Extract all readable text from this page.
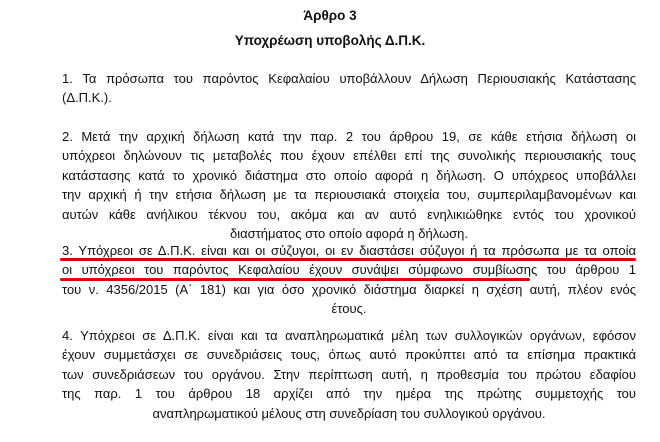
Άρθρο 3
Υποχρέωση υποβολής Δ.Π.Κ.
1. Τα πρόσωπα του παρόντος Κεφαλαίου υποβάλλουν Δήλωση Περιουσιακής Κατάστασης
(Δ.Π.Κ.).
2. Μετά την αρχική δήλωση κατά την παρ. 2 του άρθρου 19, σε κάθε ετήσια δήλωση οι
υπόχρεοι δηλώνουν τις μεταβολές που έχουν επέλθει επί της συνολικής περιουσιακής τους
κατάστασης κατά το χρονικό διάστημα στο οποίο αφορά η δήλωση. Ο υπόχρεος υποβάλλει
την αρχική ή την ετήσια δήλωση με τα περιουσιακά στοιχεία του, συμπεριλαμβανομένων και
αυτών κάθε ανήλικου τέκνου του, ακόμα και αν αυτό ενηλικιώθηκε εντός του χρονικού
διαστήματος στο οποίο αφορά η δήλωση.
3. Υπόχρεοι σε Δ.Π.Κ. είναι και οι σύζυγοι, οι εν διαστάσει σύζυγοι ή τα πρόσωπα με τα οποία
οι υπόχρεοι του παρόντος Κεφαλαίου έχουν συνάψει σύμφωνο συμβίωσης του άρθρου 1
του ν. 4356/2015 (Α΄ 181) και για όσο χρονικό διάστημα διαρκεί η σχέση αυτή, πλέον ενός
έτους.
4. Υπόχρεοι σε Δ.Π.Κ. είναι και τα αναπληρωματικά μέλη των συλλογικών οργάνων, εφόσον
έχουν συμμετάσχει σε συνεδριάσεις τους, όπως αυτό προκύπτει από τα επίσημα πρακτικά
των συνεδριάσεων του οργάνου. Στην περίπτωση αυτή, η προθεσμία του πρώτου εδαφίου
της παρ. 1 του άρθρου 18 αρχίζει από την ημέρα της πρώτης συμμετοχής του
αναπληρωματικού μέλους στη συνεδρίαση του συλλογικού οργάνου.
